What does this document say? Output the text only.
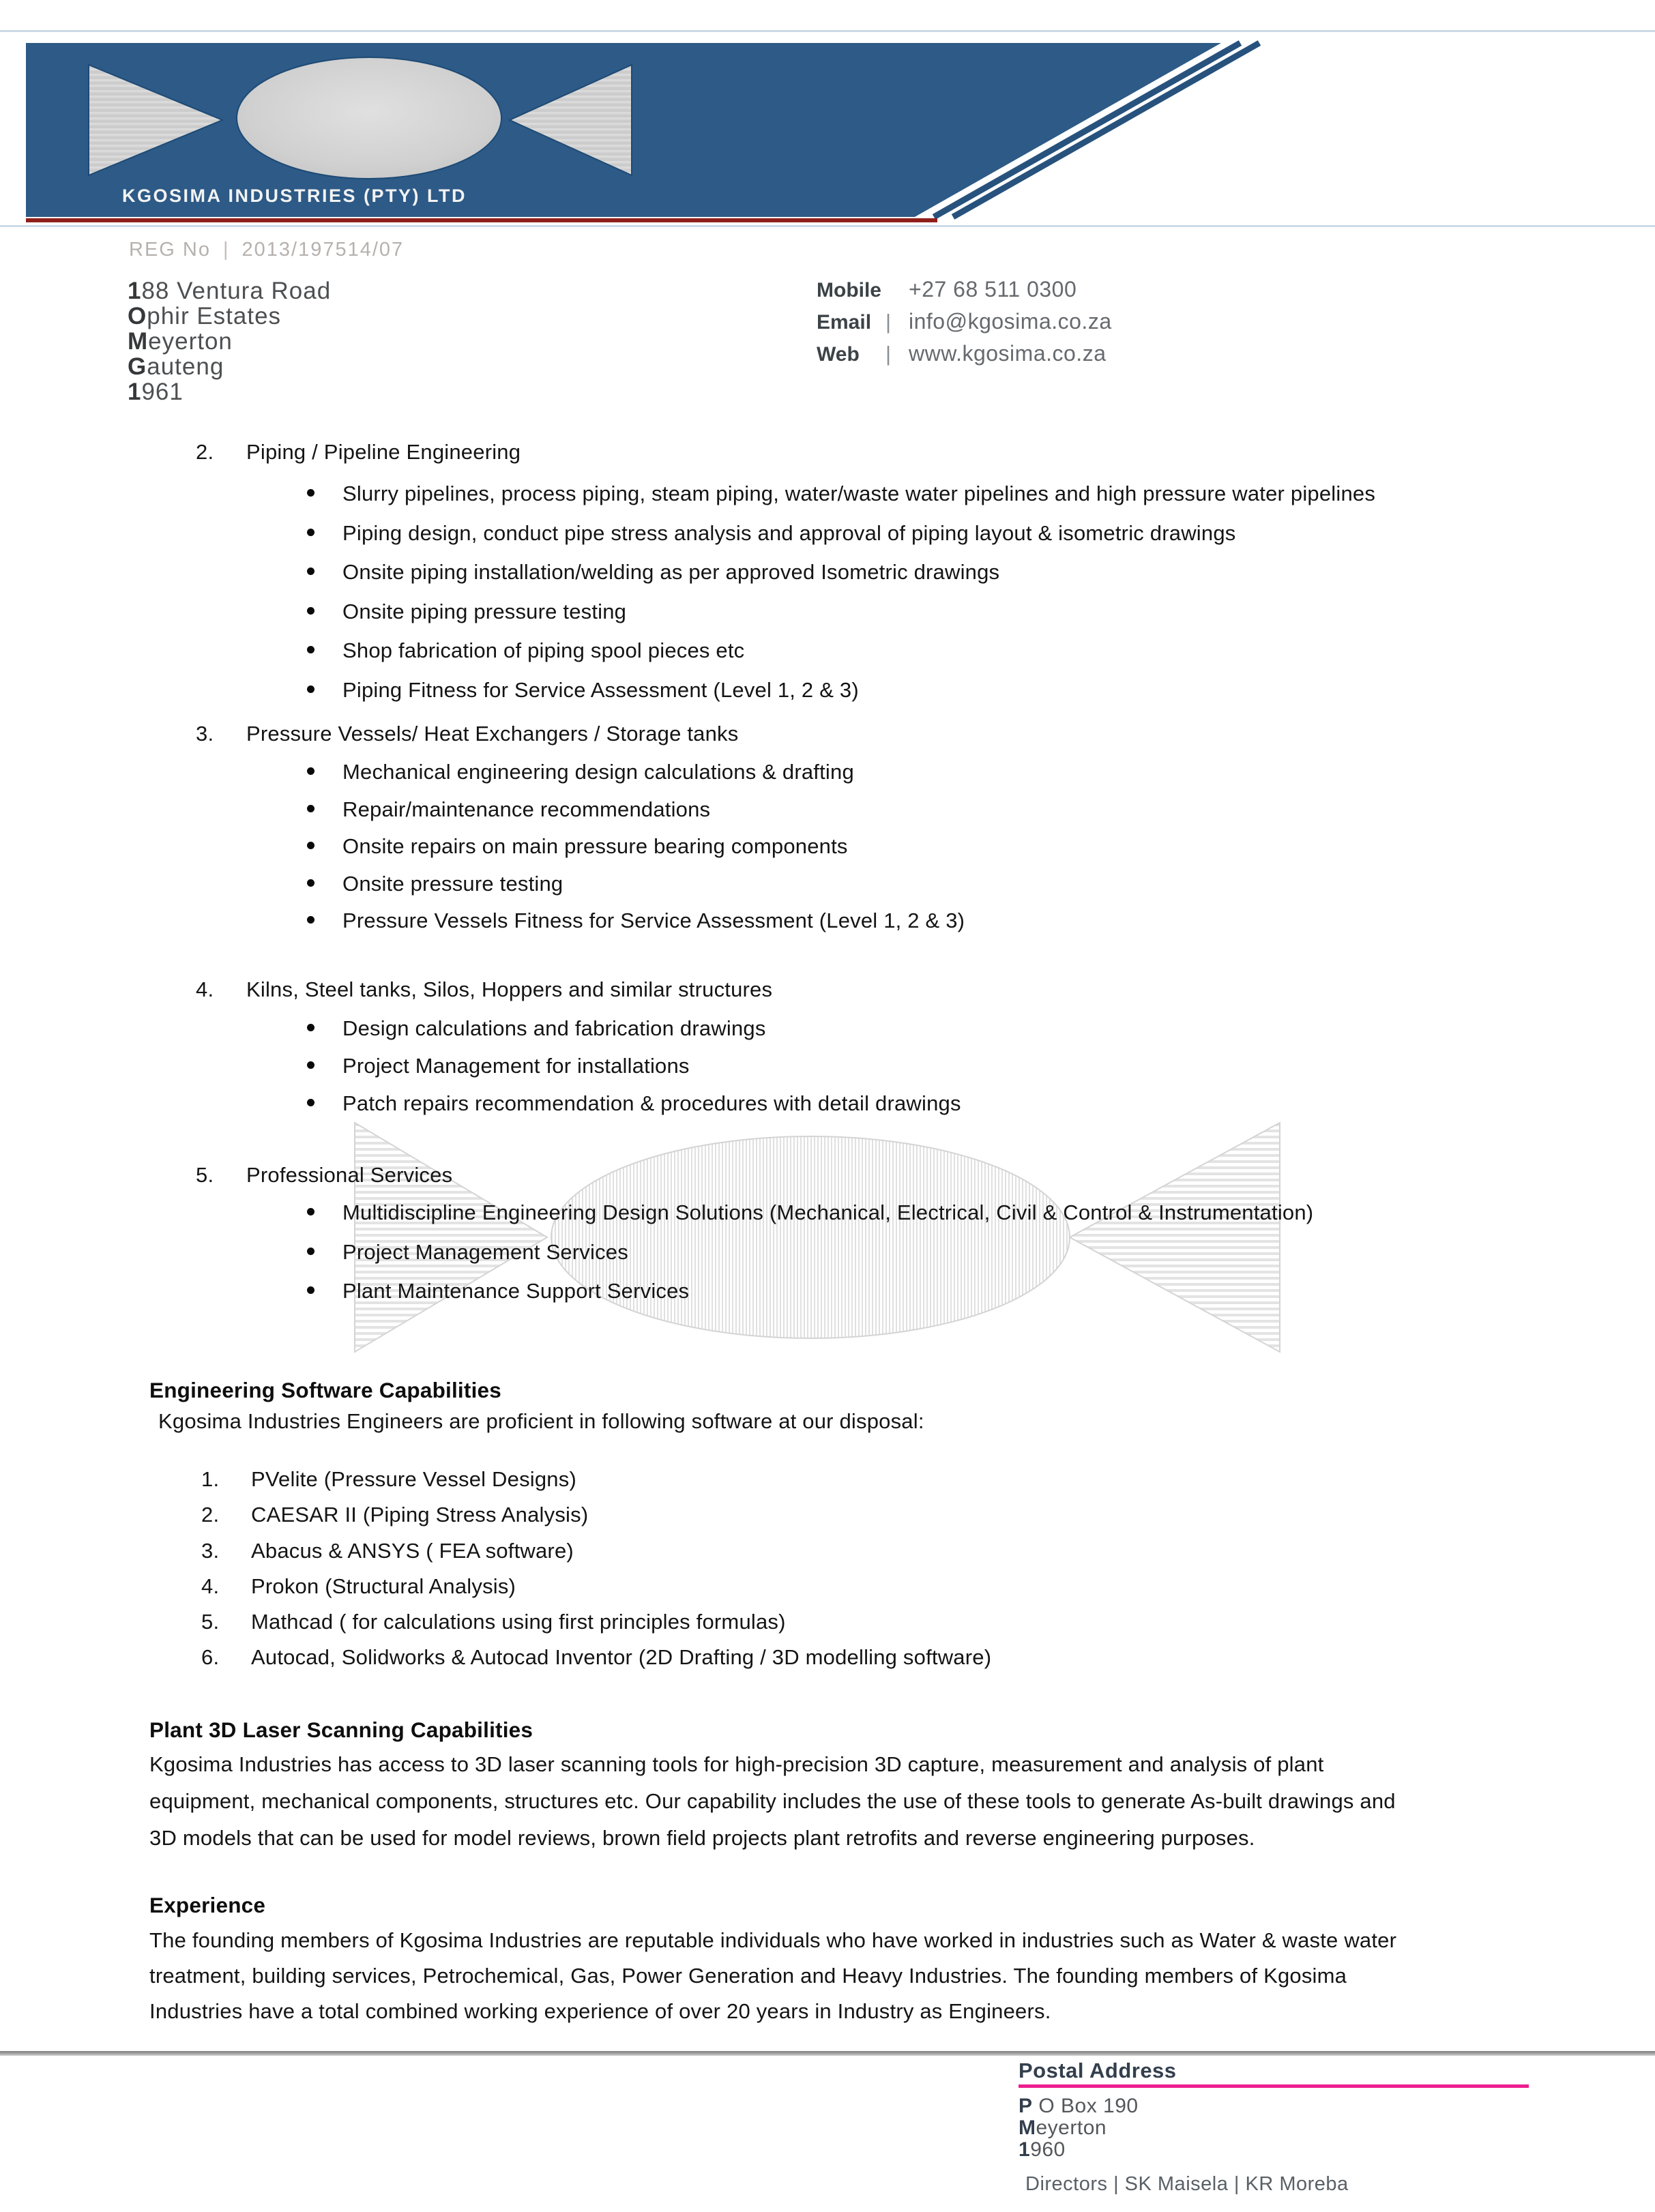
KGOSIMA INDUSTRIES (PTY) LTD
REG No | 2013/197514/07
188 Ventura Road
Ophir Estates
Meyerton
Gauteng
1961
Mobile +27 68 511 0300
Email | info@kgosima.co.za
Web | www.kgosima.co.za
2. Piping / Pipeline Engineering
Slurry pipelines, process piping, steam piping, water/waste water pipelines and high pressure water pipelines
Piping design, conduct pipe stress analysis and approval of piping layout & isometric drawings
Onsite piping installation/welding as per approved Isometric drawings
Onsite piping pressure testing
Shop fabrication of piping spool pieces etc
Piping Fitness for Service Assessment (Level 1, 2 & 3)
3. Pressure Vessels/ Heat Exchangers / Storage tanks
Mechanical engineering design calculations & drafting
Repair/maintenance recommendations
Onsite repairs on main pressure bearing components
Onsite pressure testing
Pressure Vessels Fitness for Service Assessment (Level 1, 2 & 3)
4. Kilns, Steel tanks, Silos, Hoppers and similar structures
Design calculations and fabrication drawings
Project Management for installations
Patch repairs recommendation & procedures with detail drawings
5. Professional Services
Multidiscipline Engineering Design Solutions (Mechanical, Electrical, Civil & Control & Instrumentation)
Project Management Services
Plant Maintenance Support Services
Engineering Software Capabilities
Kgosima Industries Engineers are proficient in following software at our disposal:
1. PVelite (Pressure Vessel Designs)
2. CAESAR II (Piping Stress Analysis)
3. Abacus & ANSYS ( FEA software)
4. Prokon (Structural Analysis)
5. Mathcad ( for calculations using first principles formulas)
6. Autocad, Solidworks & Autocad Inventor (2D Drafting / 3D modelling software)
Plant 3D Laser Scanning Capabilities
Kgosima Industries has access to 3D laser scanning tools for high-precision 3D capture, measurement and analysis of plant
equipment, mechanical components, structures etc. Our capability includes the use of these tools to generate As-built drawings and
3D models that can be used for model reviews, brown field projects plant retrofits and reverse engineering purposes.
Experience
The founding members of Kgosima Industries are reputable individuals who have worked in industries such as Water & waste water
treatment, building services, Petrochemical, Gas, Power Generation and Heavy Industries. The founding members of Kgosima
Industries have a total combined working experience of over 20 years in Industry as Engineers.
Postal Address
P O Box 190
Meyerton
1960
Directors | SK Maisela | KR Moreba
